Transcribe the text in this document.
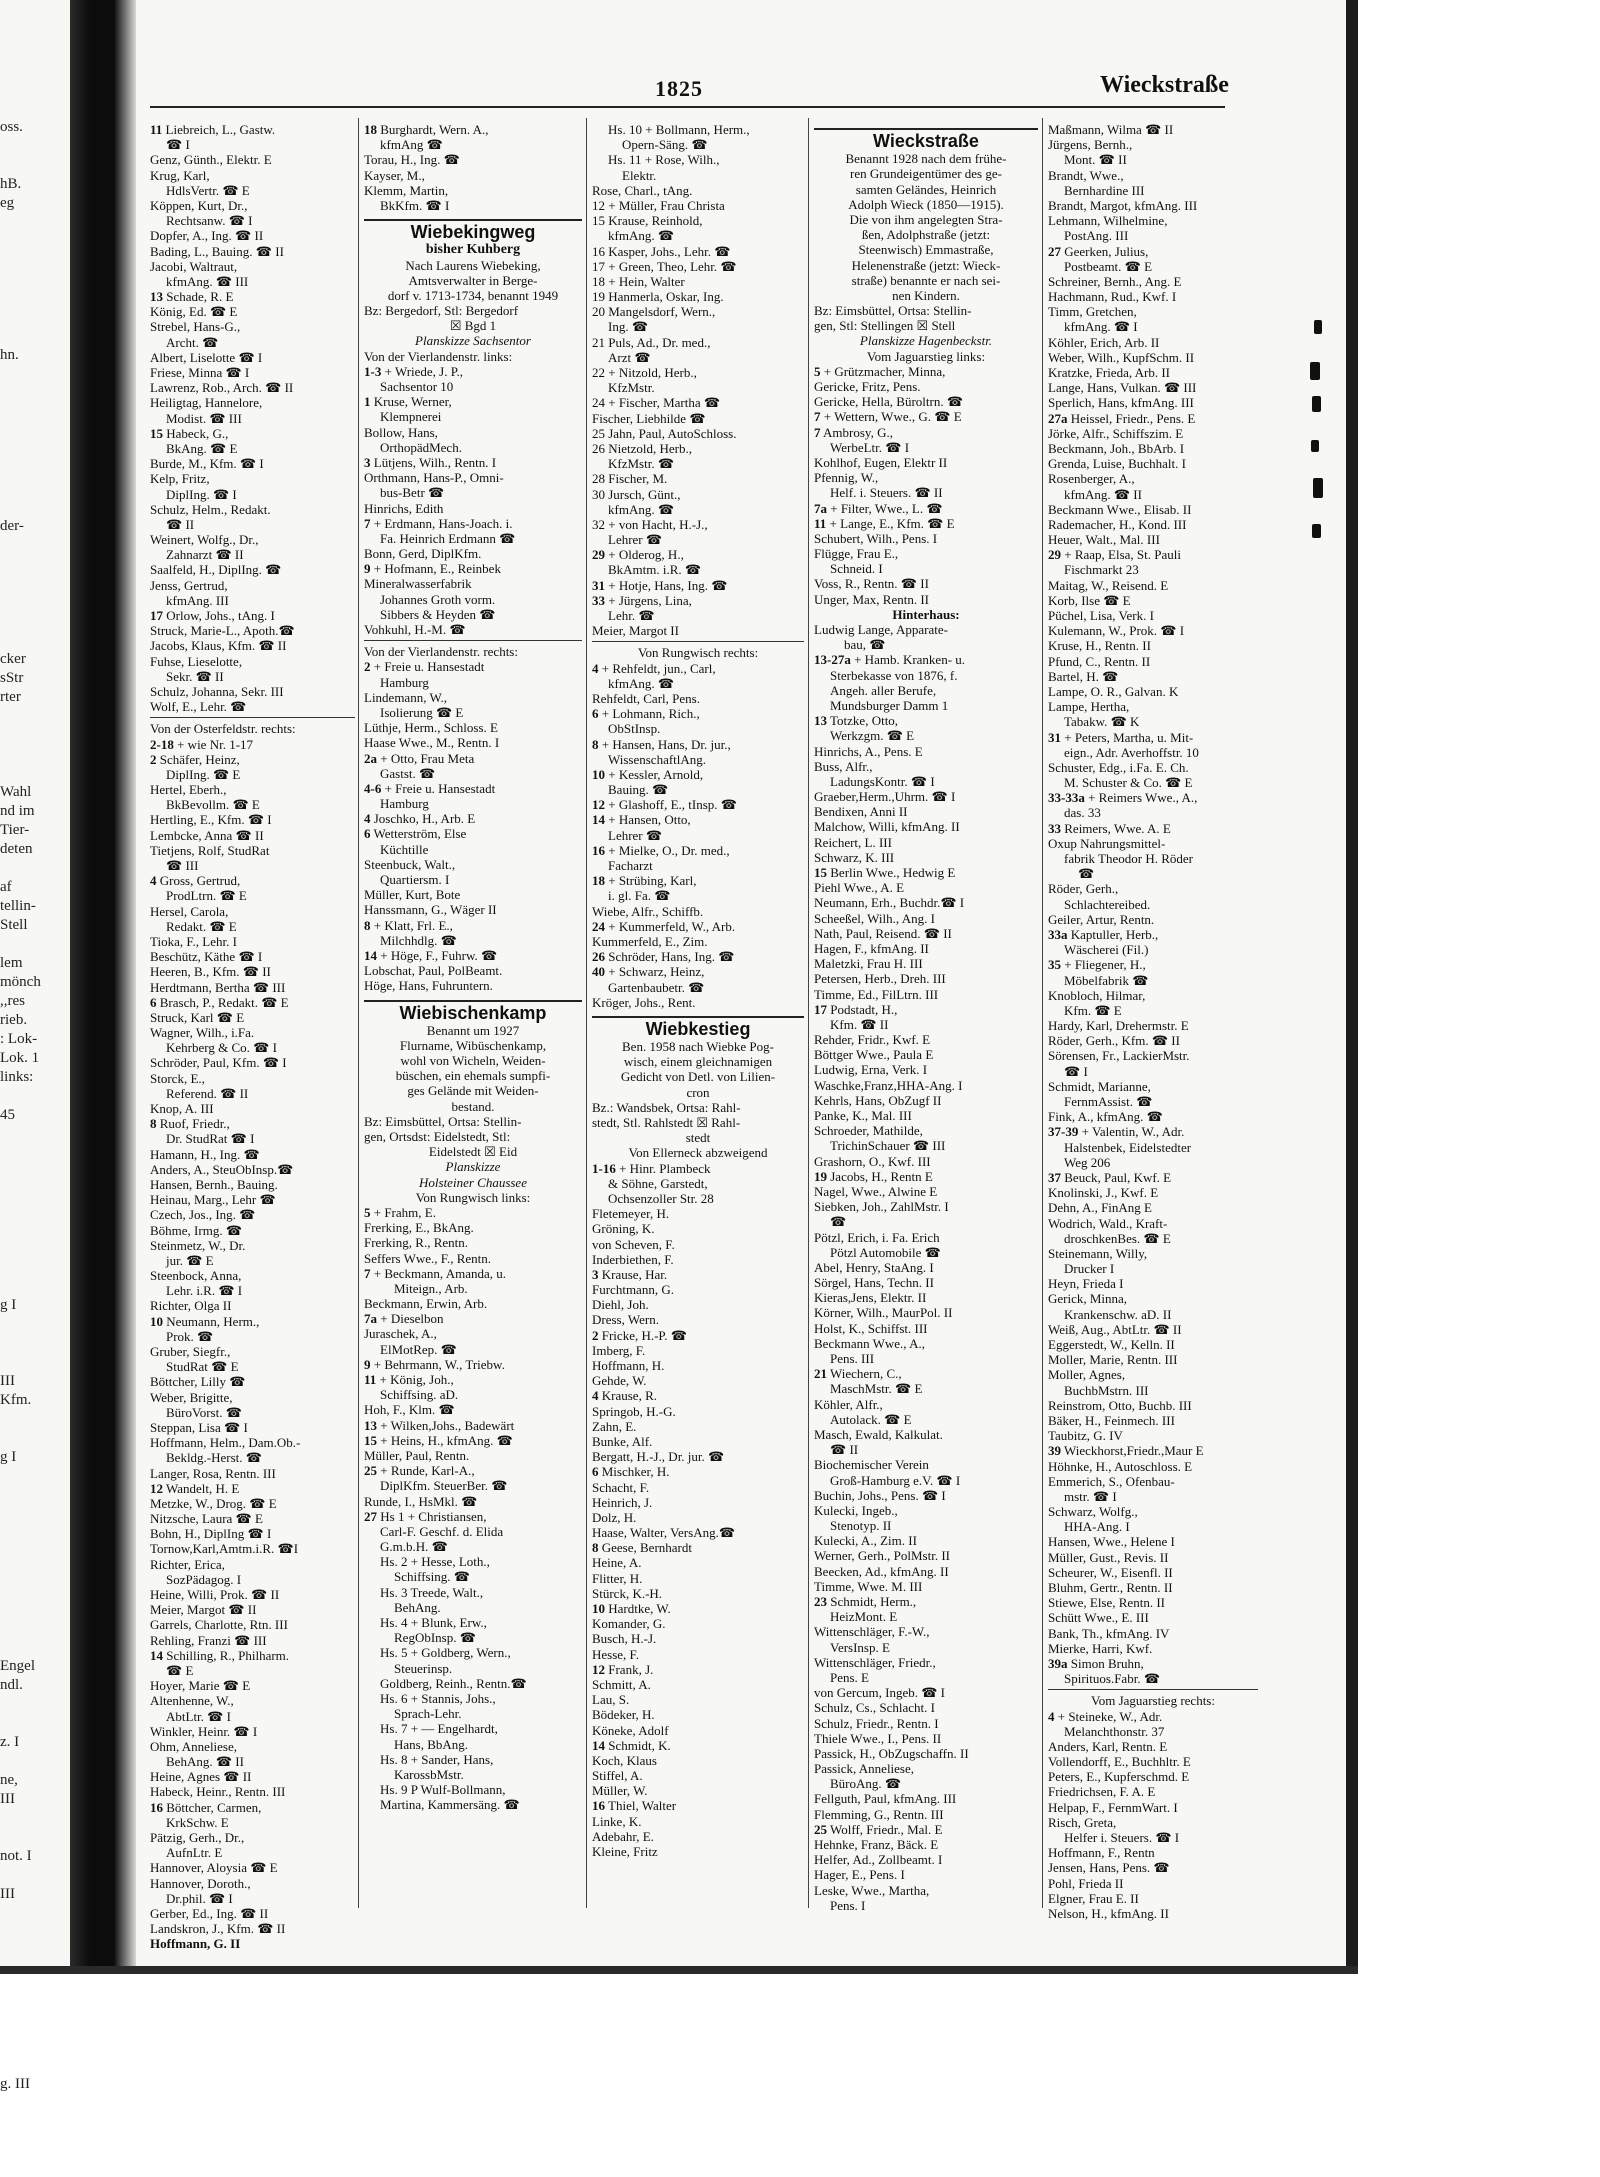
oss.
hB.
eg
hn.
der-
cker
sStr
rter
Wahl
nd im
Tier-
deten
af
tellin-
Stell
lem
mönch
,,res
rieb.
: Lok-
Lok. 1
links:
45
g I
III
Kfm.
g I
Engel
ndl.
z. I
ne,
III
not. I
III
g. III
1825	Wieckstraße
11 Liebreich, L., Gastw.
☎ I
Genz, Günth., Elektr. E
Krug, Karl,
HdlsVertr. ☎ E
Köppen, Kurt, Dr.,
Rechtsanw. ☎ I
Dopfer, A., Ing. ☎ II
Bading, L., Bauing. ☎ II
Jacobi, Waltraut,
kfmAng. ☎ III
13 Schade, R. E
König, Ed. ☎ E
Strebel, Hans-G.,
Archt. ☎
Albert, Liselotte ☎ I
Friese, Minna ☎ I
Lawrenz, Rob., Arch. ☎ II
Heiligtag, Hannelore,
Modist. ☎ III
15 Habeck, G.,
BkAng. ☎ E
Burde, M., Kfm. ☎ I
Kelp, Fritz,
DiplIng. ☎ I
Schulz, Helm., Redakt.
☎ II
Weinert, Wolfg., Dr.,
Zahnarzt ☎ II
Saalfeld, H., DiplIng. ☎
Jenss, Gertrud,
kfmAng. III
17 Orlow, Johs., tAng. I
Struck, Marie-L., Apoth.☎
Jacobs, Klaus, Kfm. ☎ II
Fuhse, Lieselotte,
Sekr. ☎ II
Schulz, Johanna, Sekr. III
Wolf, E., Lehr. ☎
Von der Osterfeldstr. rechts:
2-18 + wie Nr. 1-17
2 Schäfer, Heinz,
DiplIng. ☎ E
Hertel, Eberh.,
BkBevollm. ☎ E
Hertling, E., Kfm. ☎ I
Lembcke, Anna ☎ II
Tietjens, Rolf, StudRat
☎ III
4 Gross, Gertrud,
ProdLtrn. ☎ E
Hersel, Carola,
Redakt. ☎ E
Tioka, F., Lehr. I
Beschütz, Käthe ☎ I
Heeren, B., Kfm. ☎ II
Herdtmann, Bertha ☎ III
6 Brasch, P., Redakt. ☎ E
Struck, Karl ☎ E
Wagner, Wilh., i.Fa.
Kehrberg & Co. ☎ I
Schröder, Paul, Kfm. ☎ I
Storck, E.,
Referend. ☎ II
Knop, A. III
8 Ruof, Friedr.,
Dr. StudRat ☎ I
Hamann, H., Ing. ☎
Anders, A., SteuObInsp.☎
Hansen, Bernh., Bauing.
Heinau, Marg., Lehr ☎
Czech, Jos., Ing. ☎
Böhme, Irmg. ☎
Steinmetz, W., Dr.
jur. ☎ E
Steenbock, Anna,
Lehr. i.R. ☎ I
Richter, Olga II
10 Neumann, Herm.,
Prok. ☎
Gruber, Siegfr.,
StudRat ☎ E
Böttcher, Lilly ☎
Weber, Brigitte,
BüroVorst. ☎
Steppan, Lisa ☎ I
Hoffmann, Helm., Dam.Ob.-
Bekldg.-Herst. ☎
Langer, Rosa, Rentn. III
12 Wandelt, H. E
Metzke, W., Drog. ☎ E
Nitzsche, Laura ☎ E
Bohn, H., DiplIng ☎ I
Tornow,Karl,Amtm.i.R. ☎I
Richter, Erica,
SozPädagog. I
Heine, Willi, Prok. ☎ II
Meier, Margot ☎ II
Garrels, Charlotte, Rtn. III
Rehling, Franzi ☎ III
14 Schilling, R., Philharm.
☎ E
Hoyer, Marie ☎ E
Altenhenne, W.,
AbtLtr. ☎ I
Winkler, Heinr. ☎ I
Ohm, Anneliese,
BehAng. ☎ II
Heine, Agnes ☎ II
Habeck, Heinr., Rentn. III
16 Böttcher, Carmen,
KrkSchw. E
Pätzig, Gerh., Dr.,
AufnLtr. E
Hannover, Aloysia ☎ E
Hannover, Doroth.,
Dr.phil. ☎ I
Gerber, Ed., Ing. ☎ II
Landskron, J., Kfm. ☎ II
Hoffmann, G. II
18 Burghardt, Wern. A.,
kfmAng ☎
Torau, H., Ing. ☎
Kayser, M.,
Klemm, Martin,
BkKfm. ☎ I
Wiebekingweg
bisher Kuhberg
Nach Laurens Wiebeking,
Amtsverwalter in Berge-
dorf v. 1713-1734, benannt 1949
Bz: Bergedorf, Stl: Bergedorf
☒ Bgd 1
Planskizze Sachsentor
Von der Vierlandenstr. links:
1-3 + Wriede, J. P.,
Sachsentor 10
1 Kruse, Werner,
Klempnerei
Bollow, Hans,
OrthopädMech.
3 Lütjens, Wilh., Rentn. I
Orthmann, Hans-P., Omni-
bus-Betr ☎
Hinrichs, Edith
7 + Erdmann, Hans-Joach. i.
Fa. Heinrich Erdmann ☎
Bonn, Gerd, DiplKfm.
9 + Hofmann, E., Reinbek
Mineralwasserfabrik
Johannes Groth vorm.
Sibbers & Heyden ☎
Vohkuhl, H.-M. ☎
Von der Vierlandenstr. rechts:
2 + Freie u. Hansestadt
Hamburg
Lindemann, W.,
Isolierung ☎ E
Lüthje, Herm., Schloss. E
Haase Wwe., M., Rentn. I
2a + Otto, Frau Meta
Gastst. ☎
4-6 + Freie u. Hansestadt
Hamburg
4 Joschko, H., Arb. E
6 Wetterström, Else
Küchtille
Steenbuck, Walt.,
Quartiersm. I
Müller, Kurt, Bote
Hanssmann, G., Wäger II
8 + Klatt, Frl. E.,
Milchhdlg. ☎
14 + Höge, F., Fuhrw. ☎
Lobschat, Paul, PolBeamt.
Höge, Hans, Fuhruntern.
Wiebischenkamp
Benannt um 1927
Flurname, Wibüschenkamp,
wohl von Wicheln, Weiden-
büschen, ein ehemals sumpfi-
ges Gelände mit Weiden-
bestand.
Bz: Eimsbüttel, Ortsa: Stellin-
gen, Ortsdst: Eidelstedt, Stl:
Eidelstedt ☒ Eid
Planskizze
Holsteiner Chaussee
Von Rungwisch links:
5 + Frahm, E.
Frerking, E., BkAng.
Frerking, R., Rentn.
Seffers Wwe., F., Rentn.
7 + Beckmann, Amanda, u.
Miteign., Arb.
Beckmann, Erwin, Arb.
7a + Dieselbon
Juraschek, A.,
ElMotRep. ☎
9 + Behrmann, W., Triebw.
11 + König, Joh.,
Schiffsing. aD.
Hoh, F., Klm. ☎
13 + Wilken,Johs., Badewärt
15 + Heins, H., kfmAng. ☎
Müller, Paul, Rentn.
25 + Runde, Karl-A.,
DiplKfm. SteuerBer. ☎
Runde, I., HsMkl. ☎
27 Hs 1 + Christiansen,
Carl-F. Geschf. d. Elida
G.m.b.H. ☎
Hs. 2 + Hesse, Loth.,
Schiffsing. ☎
Hs. 3 Treede, Walt.,
BehAng.
Hs. 4 + Blunk, Erw.,
RegObInsp. ☎
Hs. 5 + Goldberg, Wern.,
Steuerinsp.
Goldberg, Reinh., Rentn.☎
Hs. 6 + Stannis, Johs.,
Sprach-Lehr.
Hs. 7 + — Engelhardt,
Hans, BbAng.
Hs. 8 + Sander, Hans,
KarossbMstr.
Hs. 9 P Wulf-Bollmann,
Martina, Kammersäng. ☎
Hs. 10 + Bollmann, Herm.,
Opern-Säng. ☎
Hs. 11 + Rose, Wilh.,
Elektr.
Rose, Charl., tAng.
12 + Müller, Frau Christa
15 Krause, Reinhold,
kfmAng. ☎
16 Kasper, Johs., Lehr. ☎
17 + Green, Theo, Lehr. ☎
18 + Hein, Walter
19 Hanmerla, Oskar, Ing.
20 Mangelsdorf, Wern.,
Ing. ☎
21 Puls, Ad., Dr. med.,
Arzt ☎
22 + Nitzold, Herb.,
KfzMstr.
24 + Fischer, Martha ☎
Fischer, Liebhilde ☎
25 Jahn, Paul, AutoSchloss.
26 Nietzold, Herb.,
KfzMstr. ☎
28 Fischer, M.
30 Jursch, Günt.,
kfmAng. ☎
32 + von Hacht, H.-J.,
Lehrer ☎
29 + Olderog, H.,
BkAmtm. i.R. ☎
31 + Hotje, Hans, Ing. ☎
33 + Jürgens, Lina,
Lehr. ☎
Meier, Margot II
Von Rungwisch rechts:
4 + Rehfeldt, jun., Carl,
kfmAng. ☎
Rehfeldt, Carl, Pens.
6 + Lohmann, Rich.,
ObStInsp.
8 + Hansen, Hans, Dr. jur.,
WissenschaftlAng.
10 + Kessler, Arnold,
Bauing. ☎
12 + Glashoff, E., tInsp. ☎
14 + Hansen, Otto,
Lehrer ☎
16 + Mielke, O., Dr. med.,
Facharzt
18 + Strübing, Karl,
i. gl. Fa. ☎
Wiebe, Alfr., Schiffb.
24 + Kummerfeld, W., Arb.
Kummerfeld, E., Zim.
26 Schröder, Hans, Ing. ☎
40 + Schwarz, Heinz,
Gartenbaubetr. ☎
Kröger, Johs., Rent.
Wiebkestieg
Ben. 1958 nach Wiebke Pog-
wisch, einem gleichnamigen
Gedicht von Detl. von Lilien-
cron
Bz.: Wandsbek, Ortsa: Rahl-
stedt, Stl. Rahlstedt ☒ Rahl-
stedt
Von Ellerneck abzweigend
1-16 + Hinr. Plambeck
& Söhne, Garstedt,
Ochsenzoller Str. 28
Fletemeyer, H.
Gröning, K.
von Scheven, F.
Inderbiethen, F.
3 Krause, Har.
Furchtmann, G.
Diehl, Joh.
Dress, Wern.
2 Fricke, H.-P. ☎
Imberg, F.
Hoffmann, H.
Gehde, W.
4 Krause, R.
Springob, H.-G.
Zahn, E.
Bunke, Alf.
Bergatt, H.-J., Dr. jur. ☎
6 Mischker, H.
Schacht, F.
Heinrich, J.
Dolz, H.
Haase, Walter, VersAng.☎
8 Geese, Bernhardt
Heine, A.
Flitter, H.
Stürck, K.-H.
10 Hardtke, W.
Komander, G.
Busch, H.-J.
Hesse, F.
12 Frank, J.
Schmitt, A.
Lau, S.
Bödeker, H.
Köneke, Adolf
14 Schmidt, K.
Koch, Klaus
Stiffel, A.
Müller, W.
16 Thiel, Walter
Linke, K.
Adebahr, E.
Kleine, Fritz
Wieckstraße
Benannt 1928 nach dem frühe-
ren Grundeigentümer des ge-
samten Geländes, Heinrich
Adolph Wieck (1850—1915).
Die von ihm angelegten Stra-
ßen, Adolphstraße (jetzt:
Steenwisch) Emmastraße,
Helenenstraße (jetzt: Wieck-
straße) benannte er nach sei-
nen Kindern.
Bz: Eimsbüttel, Ortsa: Stellin-
gen, Stl: Stellingen ☒ Stell
Planskizze Hagenbeckstr.
Vom Jaguarstieg links:
5 + Grützmacher, Minna,
Gericke, Fritz, Pens.
Gericke, Hella, Büroltrn. ☎
7 + Wettern, Wwe., G. ☎ E
7 Ambrosy, G.,
WerbeLtr. ☎ I
Kohlhof, Eugen, Elektr II
Pfennig, W.,
Helf. i. Steuers. ☎ II
7a + Filter, Wwe., L. ☎
11 + Lange, E., Kfm. ☎ E
Schubert, Wilh., Pens. I
Flügge, Frau E.,
Schneid. I
Voss, R., Rentn. ☎ II
Unger, Max, Rentn. II
Hinterhaus:
Ludwig Lange, Apparate-
bau, ☎
13-27a + Hamb. Kranken- u.
Sterbekasse von 1876, f.
Angeh. aller Berufe,
Mundsburger Damm 1
13 Totzke, Otto,
Werkzgm. ☎ E
Hinrichs, A., Pens. E
Buss, Alfr.,
LadungsKontr. ☎ I
Graeber,Herm.,Uhrm. ☎ I
Bendixen, Anni II
Malchow, Willi, kfmAng. II
Reichert, L. III
Schwarz, K. III
15 Berlin Wwe., Hedwig E
Piehl Wwe., A. E
Neumann, Erh., Buchdr.☎ I
Scheeßel, Wilh., Ang. I
Nath, Paul, Reisend. ☎ II
Hagen, F., kfmAng. II
Maletzki, Frau H. III
Petersen, Herb., Dreh. III
Timme, Ed., FilLtrn. III
17 Podstadt, H.,
Kfm. ☎ II
Rehder, Fridr., Kwf. E
Böttger Wwe., Paula E
Ludwig, Erna, Verk. I
Waschke,Franz,HHA-Ang. I
Kehrls, Hans, ObZugf II
Panke, K., Mal. III
Schroeder, Mathilde,
TrichinSchauer ☎ III
Grashorn, O., Kwf. III
19 Jacobs, H., Rentn E
Nagel, Wwe., Alwine E
Siebken, Joh., ZahlMstr. I
☎
Pötzl, Erich, i. Fa. Erich
Pötzl Automobile ☎
Abel, Henry, StaAng. I
Sörgel, Hans, Techn. II
Kieras,Jens, Elektr. II
Körner, Wilh., MaurPol. II
Holst, K., Schiffst. III
Beckmann Wwe., A.,
Pens. III
21 Wiechern, C.,
MaschMstr. ☎ E
Köhler, Alfr.,
Autolack. ☎ E
Masch, Ewald, Kalkulat.
☎ II
Biochemischer Verein
Groß-Hamburg e.V. ☎ I
Buchin, Johs., Pens. ☎ I
Kulecki, Ingeb.,
Stenotyp. II
Kulecki, A., Zim. II
Werner, Gerh., PolMstr. II
Beecken, Ad., kfmAng. II
Timme, Wwe. M. III
23 Schmidt, Herm.,
HeizMont. E
Wittenschläger, F.-W.,
VersInsp. E
Wittenschläger, Friedr.,
Pens. E
von Gercum, Ingeb. ☎ I
Schulz, Cs., Schlacht. I
Schulz, Friedr., Rentn. I
Thiele Wwe., I., Pens. II
Passick, H., ObZugschaffn. II
Passick, Anneliese,
BüroAng. ☎
Fellguth, Paul, kfmAng. III
Flemming, G., Rentn. III
25 Wolff, Friedr., Mal. E
Hehnke, Franz, Bäck. E
Helfer, Ad., Zollbeamt. I
Hager, E., Pens. I
Leske, Wwe., Martha,
Pens. I
Maßmann, Wilma ☎ II
Jürgens, Bernh.,
Mont. ☎ II
Brandt, Wwe.,
Bernhardine III
Brandt, Margot, kfmAng. III
Lehmann, Wilhelmine,
PostAng. III
27 Geerken, Julius,
Postbeamt. ☎ E
Schreiner, Bernh., Ang. E
Hachmann, Rud., Kwf. I
Timm, Gretchen,
kfmAng. ☎ I
Köhler, Erich, Arb. II
Weber, Wilh., KupfSchm. II
Kratzke, Frieda, Arb. II
Lange, Hans, Vulkan. ☎ III
Sperlich, Hans, kfmAng. III
27a Heissel, Friedr., Pens. E
Jörke, Alfr., Schiffszim. E
Beckmann, Joh., BbArb. I
Grenda, Luise, Buchhalt. I
Rosenberger, A.,
kfmAng. ☎ II
Beckmann Wwe., Elisab. II
Rademacher, H., Kond. III
Heuer, Walt., Mal. III
29 + Raap, Elsa, St. Pauli
Fischmarkt 23
Maitag, W., Reisend. E
Korb, Ilse ☎ E
Püchel, Lisa, Verk. I
Kulemann, W., Prok. ☎ I
Kruse, H., Rentn. II
Pfund, C., Rentn. II
Bartel, H. ☎
Lampe, O. R., Galvan. K
Lampe, Hertha,
Tabakw. ☎ K
31 + Peters, Martha, u. Mit-
eign., Adr. Averhoffstr. 10
Schuster, Edg., i.Fa. E. Ch.
M. Schuster & Co. ☎ E
33-33a + Reimers Wwe., A.,
das. 33
33 Reimers, Wwe. A. E
Oxup Nahrungsmittel-
fabrik Theodor H. Röder
☎
Röder, Gerh.,
Schlachtereibed.
Geiler, Artur, Rentn.
33a Kaptuller, Herb.,
Wäscherei (Fil.)
35 + Fliegener, H.,
Möbelfabrik ☎
Knobloch, Hilmar,
Kfm. ☎ E
Hardy, Karl, Drehermstr. E
Röder, Gerh., Kfm. ☎ II
Sörensen, Fr., LackierMstr.
☎ I
Schmidt, Marianne,
FernmAssist. ☎
Fink, A., kfmAng. ☎
37-39 + Valentin, W., Adr.
Halstenbek, Eidelstedter
Weg 206
37 Beuck, Paul, Kwf. E
Knolinski, J., Kwf. E
Dehn, A., FinAng E
Wodrich, Wald., Kraft-
droschkenBes. ☎ E
Steinemann, Willy,
Drucker I
Heyn, Frieda I
Gerick, Minna,
Krankenschw. aD. II
Weiß, Aug., AbtLtr. ☎ II
Eggerstedt, W., Kelln. II
Moller, Marie, Rentn. III
Moller, Agnes,
BuchbMstrn. III
Reinstrom, Otto, Buchb. III
Bäker, H., Feinmech. III
Taubitz, G. IV
39 Wieckhorst,Friedr.,Maur E
Höhnke, H., Autoschloss. E
Emmerich, S., Ofenbau-
mstr. ☎ I
Schwarz, Wolfg.,
HHA-Ang. I
Hansen, Wwe., Helene I
Müller, Gust., Revis. II
Scheurer, W., Eisenfl. II
Bluhm, Gertr., Rentn. II
Stiewe, Else, Rentn. II
Schütt Wwe., E. III
Bank, Th., kfmAng. IV
Mierke, Harri, Kwf.
39a Simon Bruhn,
Spirituos.Fabr. ☎
Vom Jaguarstieg rechts:
4 + Steineke, W., Adr.
Melanchthonstr. 37
Anders, Karl, Rentn. E
Vollendorff, E., Buchhltr. E
Peters, E., Kupferschmd. E
Friedrichsen, F. A. E
Helpap, F., FernmWart. I
Risch, Greta,
Helfer i. Steuers. ☎ I
Hoffmann, F., Rentn
Jensen, Hans, Pens. ☎
Pohl, Frieda II
Elgner, Frau E. II
Nelson, H., kfmAng. II
